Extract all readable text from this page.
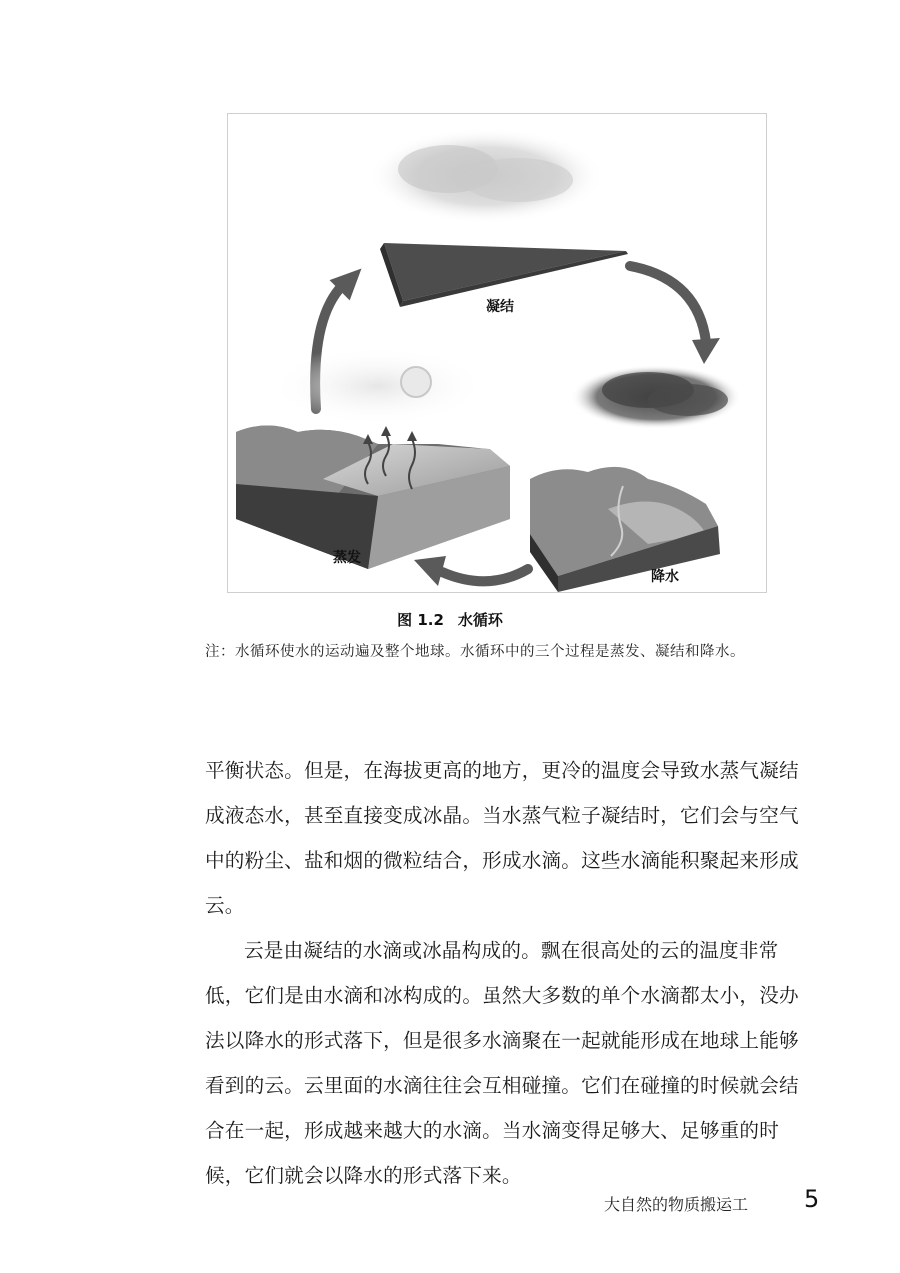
凝结
蒸发
降水
图 1.2 水循环
注：水循环使水的运动遍及整个地球。水循环中的三个过程是蒸发、凝结和降水。

平衡状态。但是，在海拔更高的地方，更冷的温度会导致水蒸气凝结成液态水，甚至直接变成冰晶。当水蒸气粒子凝结时，它们会与空气中的粉尘、盐和烟的微粒结合，形成水滴。这些水滴能积聚起来形成云。

云是由凝结的水滴或冰晶构成的。飘在很高处的云的温度非常低，它们是由水滴和冰构成的。虽然大多数的单个水滴都太小，没办法以降水的形式落下，但是很多水滴聚在一起就能形成在地球上能够看到的云。云里面的水滴往往会互相碰撞。它们在碰撞的时候就会结合在一起，形成越来越大的水滴。当水滴变得足够大、足够重的时候，它们就会以降水的形式落下来。

大自然的物质搬运工 5
